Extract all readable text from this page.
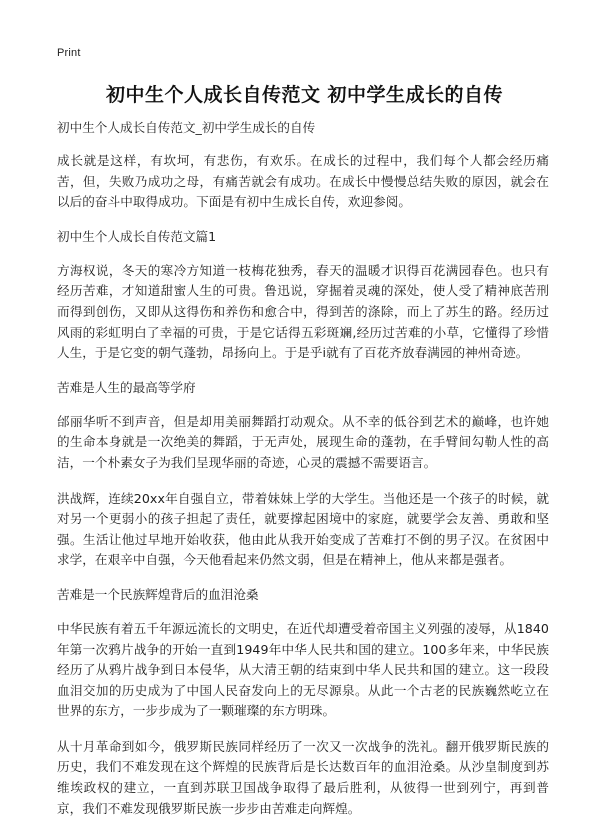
Print
初中生个人成长自传范文 初中学生成长的自传
初中生个人成长自传范文_初中学生成长的自传

成长就是这样，有坎坷，有悲伤，有欢乐。在成长的过程中，我们每个人都会经历痛苦，但，失败乃成功之母，有痛苦就会有成功。在成长中慢慢总结失败的原因，就会在以后的奋斗中取得成功。下面是有初中生成长自传，欢迎参阅。

初中生个人成长自传范文篇1

方海权说，冬天的寒冷方知道一枝梅花独秀，春天的温暖才识得百花满园春色。也只有经历苦难，才知道甜蜜人生的可贵。鲁迅说，穿掘着灵魂的深处，使人受了精神底苦刑而得到创伤，又即从这得伤和养伤和愈合中，得到苦的涤除，而上了苏生的路。经历过风雨的彩虹明白了幸福的可贵，于是它话得五彩斑斓,经历过苦难的小草，它懂得了珍惜人生，于是它变的朝气蓬勃，昂扬向上。于是乎i就有了百花齐放春满园的神州奇迹。

苦难是人生的最高等学府

邰丽华听不到声音，但是却用美丽舞蹈打动观众。从不幸的低谷到艺术的巅峰，也许她的生命本身就是一次绝美的舞蹈，于无声处，展现生命的蓬勃，在手臂间勾勒人性的高洁，一个朴素女子为我们呈现华丽的奇迹，心灵的震撼不需要语言。

洪战辉，连续20xx年自强自立，带着妹妹上学的大学生。当他还是一个孩子的时候，就对另一个更弱小的孩子担起了责任，就要撑起困境中的家庭，就要学会友善、勇敢和坚强。生活让他过早地开始收获，他由此从我开始变成了苦难打不倒的男子汉。在贫困中求学，在艰辛中自强，今天他看起来仍然文弱，但是在精神上，他从来都是强者。

苦难是一个民族辉煌背后的血泪沧桑

中华民族有着五千年源远流长的文明史，在近代却遭受着帝国主义列强的凌辱，从1840年第一次鸦片战争的开始一直到1949年中华人民共和国的建立。100多年来，中华民族经历了从鸦片战争到日本侵华，从大清王朝的结束到中华人民共和国的建立。这一段段血泪交加的历史成为了中国人民奋发向上的无尽源泉。从此一个古老的民族巍然屹立在世界的东方，一步步成为了一颗璀璨的东方明珠。

从十月革命到如今，俄罗斯民族同样经历了一次又一次战争的洗礼。翻开俄罗斯民族的历史，我们不难发现在这个辉煌的民族背后是长达数百年的血泪沧桑。从沙皇制度到苏维埃政权的建立，一直到苏联卫国战争取得了最后胜利，从彼得一世到列宁，再到普京，我们不难发现俄罗斯民族一步步由苦难走向辉煌。
